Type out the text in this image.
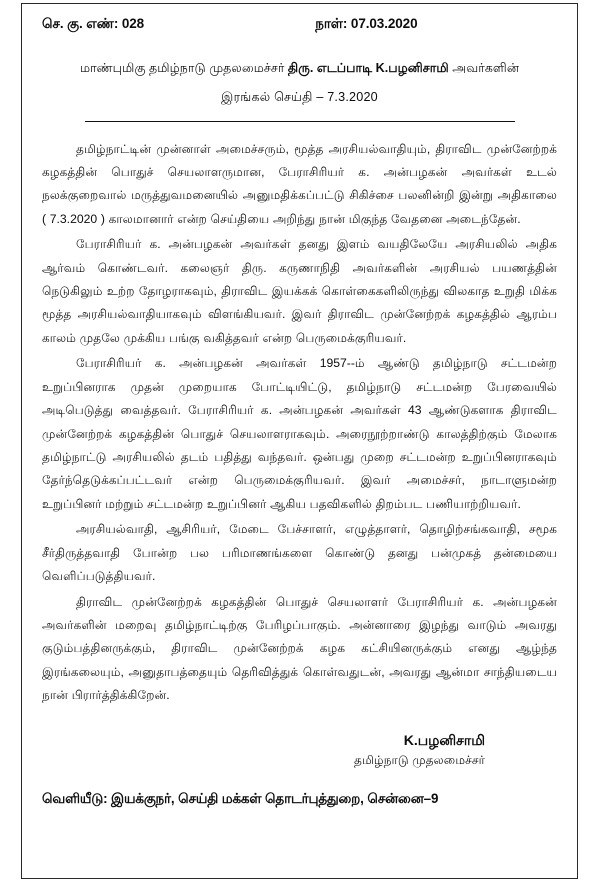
செ. கு. எண்: 028	நாள்: 07.03.2020
மாண்புமிகு தமிழ்நாடு முதலமைச்சர் திரு. எடப்பாடி K.பழனிசாமி அவர்களின்
இரங்கல் செய்தி – 7.3.2020

தமிழ்நாட்டின் முன்னாள் அமைச்சரும், மூத்த அரசியல்வாதியும், திராவிட முன்னேற்றக் கழகத்தின் பொதுச் செயலாளருமான, பேராசிரியர் க. அன்பழகன் அவர்கள் உடல் நலக்குறைவால் மருத்துவமனையில் அனுமதிக்கப்பட்டு சிகிச்சை பலனின்றி இன்று அதிகாலை ( 7.3.2020 ) காலமானார் என்ற செய்தியை அறிந்து நான் மிகுந்த வேதனை அடைந்தேன்.

பேராசிரியர் க. அன்பழகன் அவர்கள் தனது இளம் வயதிலேயே அரசியலில் அதிக ஆர்வம் கொண்டவர். கலைஞர் திரு. கருணாநிதி அவர்களின் அரசியல் பயணத்தின் நெடுகிலும் உற்ற தோழராகவும், திராவிட இயக்கக் கொள்கைகளிலிருந்து விலகாத உறுதி மிக்க மூத்த அரசியல்வாதியாகவும் விளங்கியவர். இவர் திராவிட முன்னேற்றக் கழகத்தில் ஆரம்ப காலம் முதலே முக்கிய பங்கு வகித்தவர் என்ற பெருமைக்குரியவர்.

பேராசிரியர் க. அன்பழகன் அவர்கள் 1957--ம் ஆண்டு தமிழ்நாடு சட்டமன்ற உறுப்பினராக முதன் முறையாக போட்டியிட்டு, தமிழ்நாடு சட்டமன்ற பேரவையில் அடிபெடுத்து வைத்தவர். பேராசிரியர் க. அன்பழகன் அவர்கள் 43 ஆண்டுகளாக திராவிட முன்னேற்றக் கழகத்தின் பொதுச் செயலாளராகவும். அரைநூற்றாண்டு காலத்திற்கும் மேலாக தமிழ்நாட்டு அரசியலில் தடம் பதித்து வந்தவர். ஒன்பது முறை சட்டமன்ற உறுப்பினராகவும் தேர்ந்தெடுக்கப்பட்டவர் என்ற பெருமைக்குரியவர். இவர் அமைச்சர், நாடாளுமன்ற உறுப்பினர் மற்றும் சட்டமன்ற உறுப்பினர் ஆகிய பதவிகளில் திறம்பட பணியாற்றியவர்.

அரசியல்வாதி, ஆசிரியர், மேடை பேச்சாளர், எழுத்தாளர், தொழிற்சங்கவாதி, சமூக சீர்திருத்தவாதி போன்ற பல பரிமாணங்களை கொண்டு தனது பன்முகத் தன்மையை வெளிப்படுத்தியவர்.

திராவிட முன்னேற்றக் கழகத்தின் பொதுச் செயலாளர் பேராசிரியர் க. அன்பழகன் அவர்களின் மறைவு தமிழ்நாட்டிற்கு பேரிழப்பாகும். அன்னாரை இழந்து வாடும் அவரது குடும்பத்தினருக்கும், திராவிட முன்னேற்றக் கழக கட்சியினருக்கும் எனது ஆழ்ந்த இரங்கலையும், அனுதாபத்தையும் தெரிவித்துக் கொள்வதுடன், அவரது ஆன்மா சாந்தியடைய நான் பிரார்த்திக்கிறேன்.

K.பழனிசாமி
தமிழ்நாடு முதலமைச்சர்
வெளியீடு: இயக்குநர், செய்தி மக்கள் தொடர்புத்துறை, சென்னை–9
